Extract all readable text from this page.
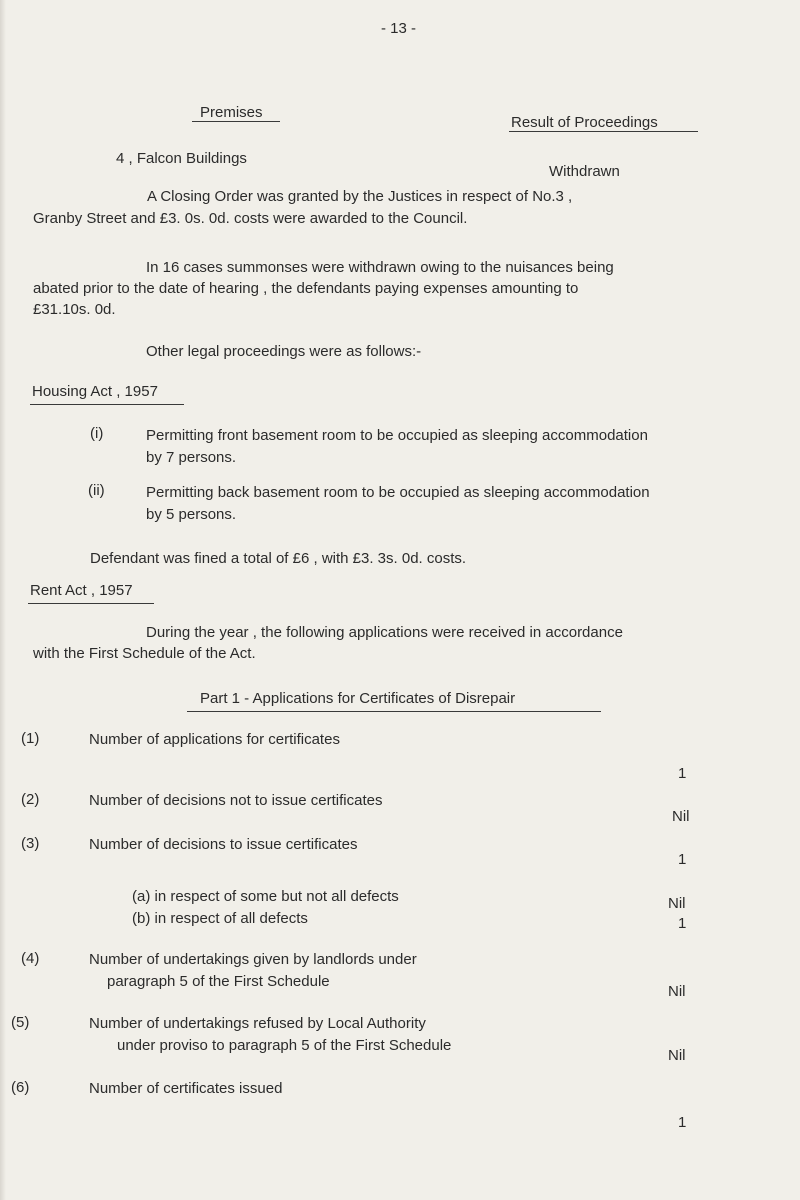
- 13 -
Premises
Result of Proceedings
4 , Falcon Buildings
Withdrawn
A Closing Order was granted by the Justices in respect of No.3 ,
Granby Street and £3. 0s. 0d. costs were awarded to the Council.
In 16 cases summonses were withdrawn owing to the nuisances being
abated prior to the date of hearing , the defendants paying expenses amounting to
£31.10s. 0d.
Other legal proceedings were as follows:-
Housing Act , 1957
(i)	Permitting front basement room to be occupied as sleeping accommodation
by 7 persons.
(ii)	Permitting back basement room to be occupied as sleeping accommodation
by 5 persons.
Defendant was fined a total of £6 , with £3. 3s. 0d. costs.
Rent Act , 1957
During the year , the following applications were received in accordance
with the First Schedule of the Act.
Part 1 - Applications for Certificates of Disrepair
(1)	Number of applications for certificates
1
(2)	Number of decisions not to issue certificates
Nil
(3)	Number of decisions to issue certificates
1
(a) in respect of some but not all defects	Nil
(b) in respect of all defects	1
(4)	Number of undertakings given by landlords under
paragraph 5 of the First Schedule
Nil
(5)	Number of undertakings refused by Local Authority
under proviso to paragraph 5 of the First Schedule
Nil
(6)	Number of certificates issued
1
